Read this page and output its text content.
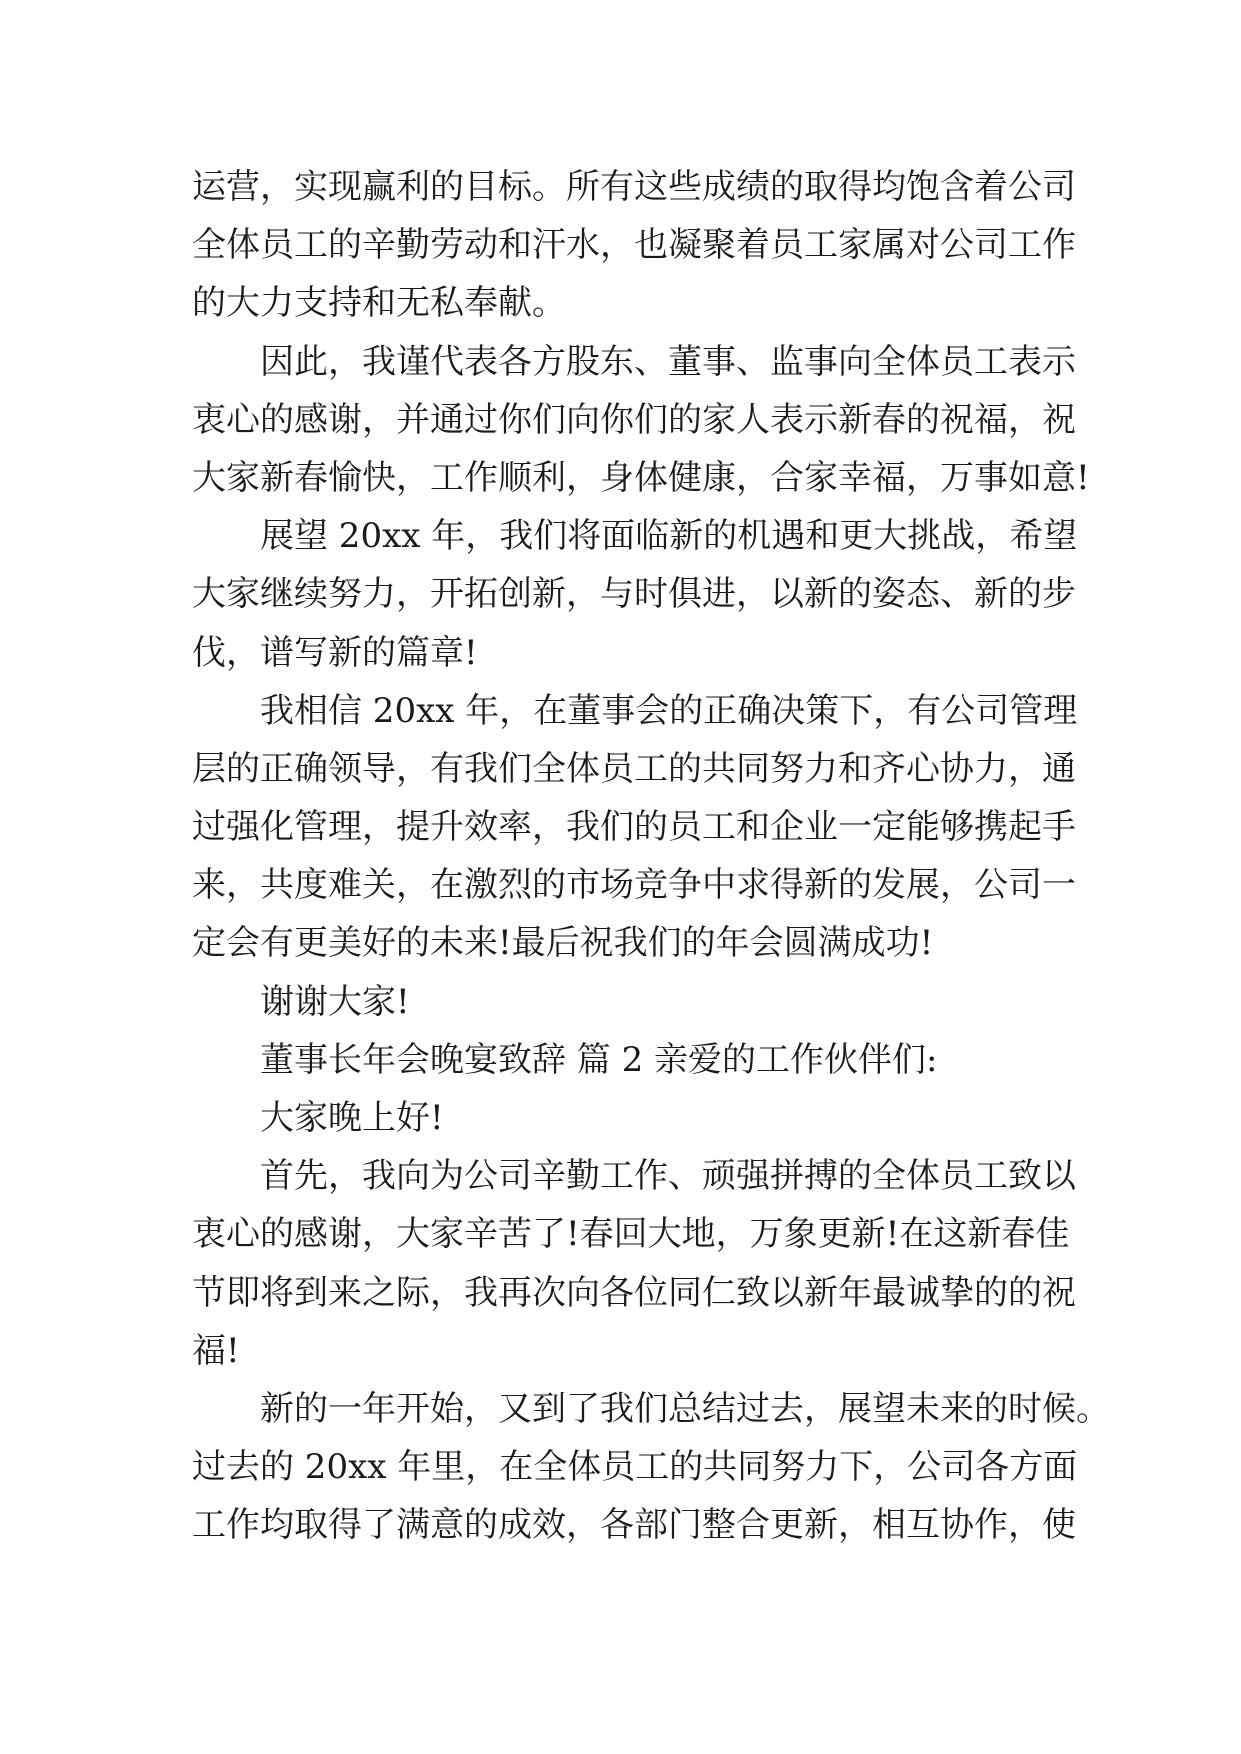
运营，实现赢利的目标。所有这些成绩的取得均饱含着公司
全体员工的辛勤劳动和汗水，也凝聚着员工家属对公司工作
的大力支持和无私奉献。
因此，我谨代表各方股东、董事、监事向全体员工表示
衷心的感谢，并通过你们向你们的家人表示新春的祝福，祝
大家新春愉快，工作顺利，身体健康，合家幸福，万事如意!
展望 20xx 年，我们将面临新的机遇和更大挑战，希望
大家继续努力，开拓创新，与时俱进，以新的姿态、新的步
伐，谱写新的篇章!
我相信 20xx 年，在董事会的正确决策下，有公司管理
层的正确领导，有我们全体员工的共同努力和齐心协力，通
过强化管理，提升效率，我们的员工和企业一定能够携起手
来，共度难关，在激烈的市场竞争中求得新的发展，公司一
定会有更美好的未来!最后祝我们的年会圆满成功!
谢谢大家!
董事长年会晚宴致辞 篇 2 亲爱的工作伙伴们:
大家晚上好!
首先，我向为公司辛勤工作、顽强拼搏的全体员工致以
衷心的感谢，大家辛苦了!春回大地，万象更新!在这新春佳
节即将到来之际，我再次向各位同仁致以新年最诚挚的的祝
福!
新的一年开始，又到了我们总结过去，展望未来的时候。
过去的 20xx 年里，在全体员工的共同努力下，公司各方面
工作均取得了满意的成效，各部门整合更新，相互协作，使
